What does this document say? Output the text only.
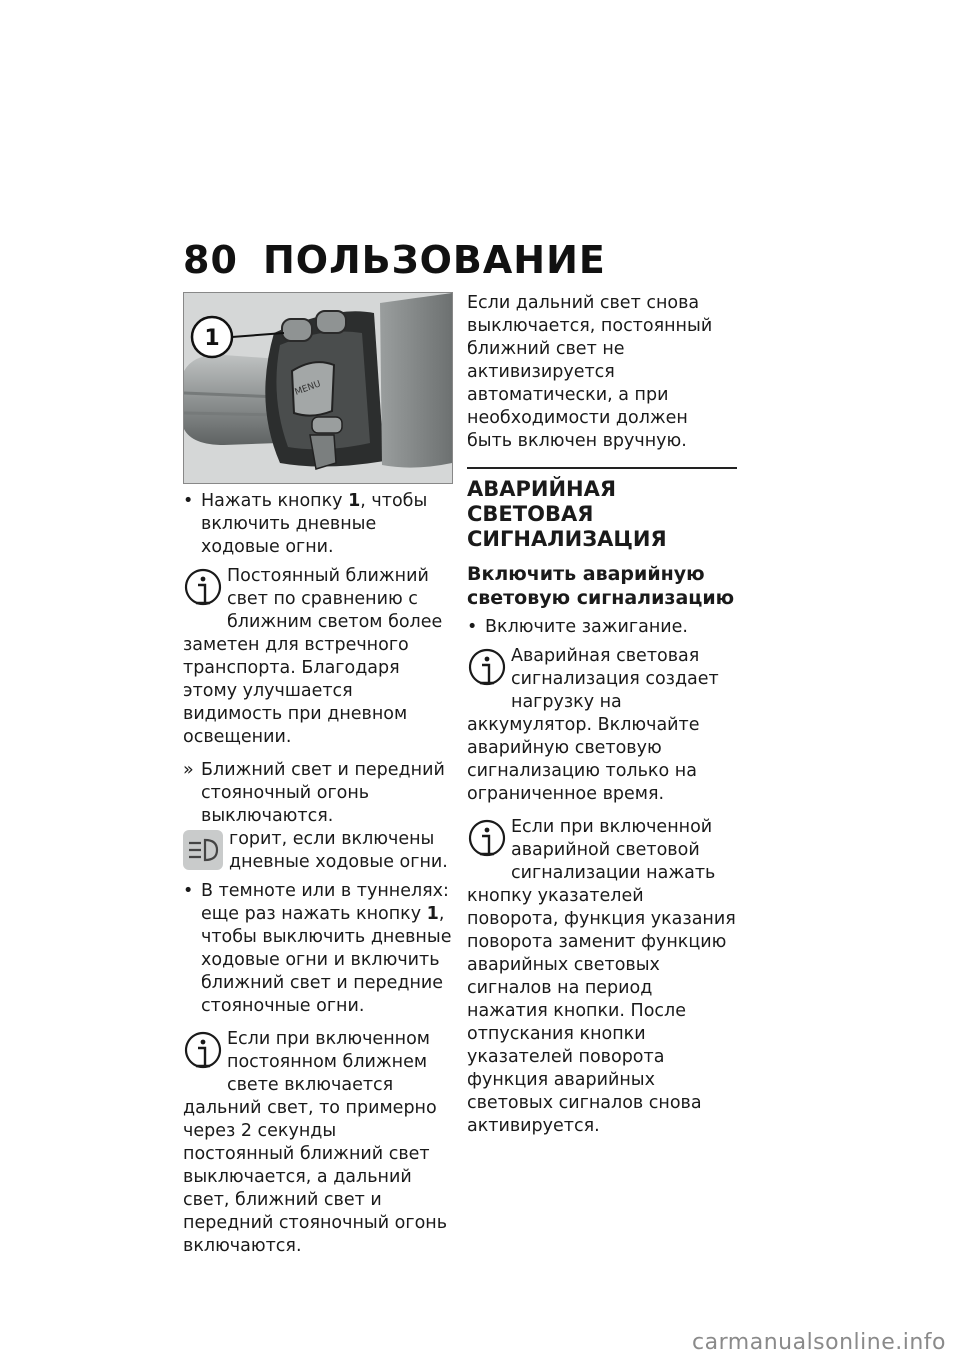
80 ПОЛЬЗОВАНИЕ
1
MENU

• Нажать кнопку 1, чтобы включить дневные ходовые огни.

Постоянный ближний свет по сравнению с ближним светом более заметен для встречного транспорта. Благодаря этому улучшается видимость при дневном освещении.

» Ближний свет и передний стояночный огонь выключаются.

горит, если включены дневные ходовые огни.

• В темноте или в туннелях: еще раз нажать кнопку 1, чтобы выключить дневные ходовые огни и включить ближний свет и передние стояночные огни.

Если при включенном постоянном ближнем свете включается дальний свет, то примерно через 2 секунды постоянный ближний свет выключается, а дальний свет, ближний свет и передний стояночный огонь включаются.

Если дальний свет снова выключается, постоянный ближний свет не активизируется автоматически, а при необходимости должен быть включен вручную.

АВАРИЙНАЯ СВЕТОВАЯ СИГНАЛИЗАЦИЯ

Включить аварийную световую сигнализацию

• Включите зажигание.

Аварийная световая сигнализация создает нагрузку на аккумулятор. Включайте аварийную световую сигнализацию только на ограниченное время.

Если при включенной аварийной световой сигнализации нажать кнопку указателей поворота, функция указания поворота заменит функцию аварийных световых сигналов на период нажатия кнопки. После отпускания кнопки указателей поворота функция аварийных световых сигналов снова активируется.

carmanualsonline.info
